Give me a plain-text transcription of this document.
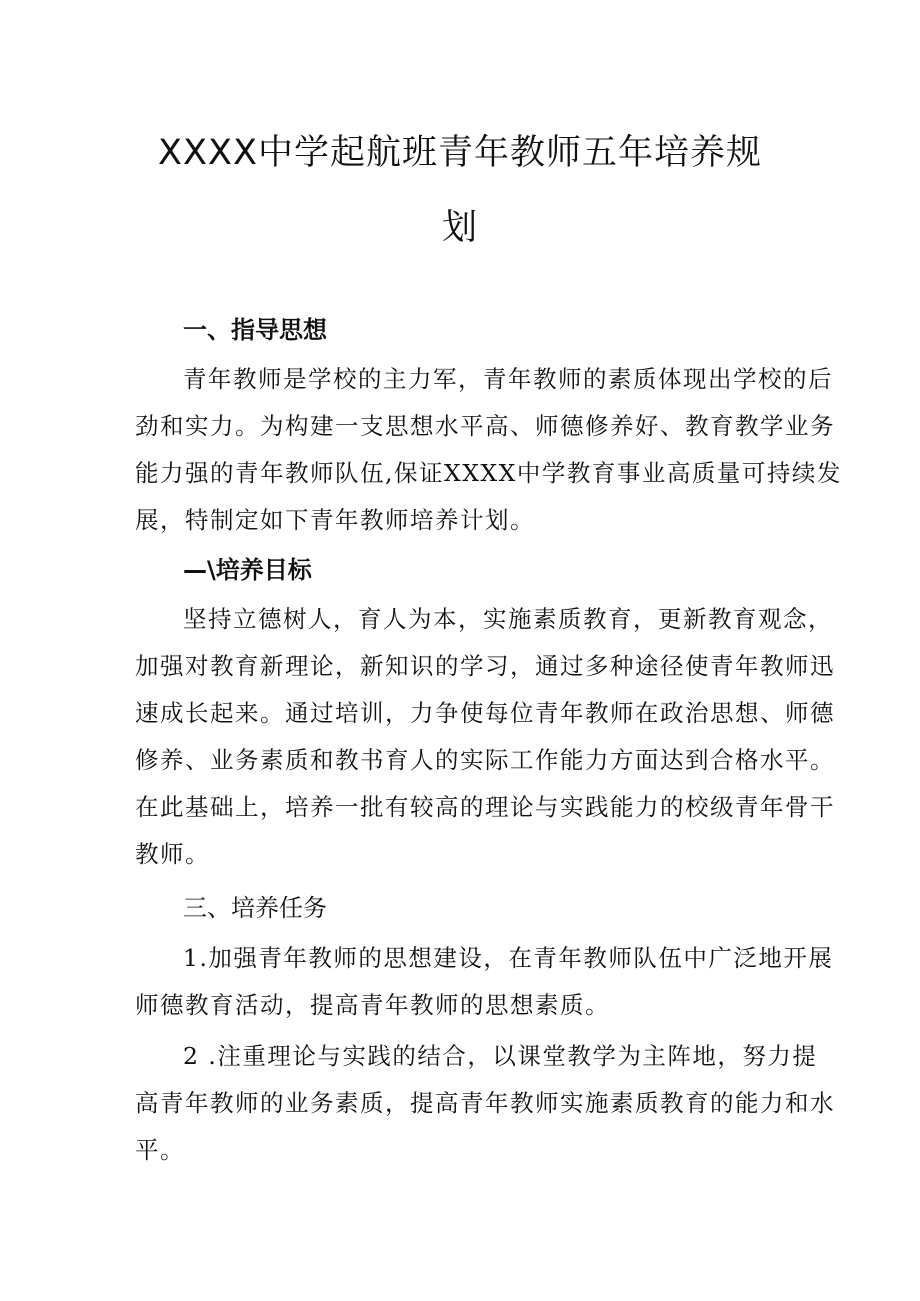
XXXX中学起航班青年教师五年培养规
划
一、指导思想
青年教师是学校的主力军，青年教师的素质体现出学校的后
劲和实力。为构建一支思想水平高、师德修养好、教育教学业务
能力强的青年教师队伍,保证XXXX中学教育事业高质量可持续发
展，特制定如下青年教师培养计划。
—\培养目标
坚持立德树人，育人为本，实施素质教育，更新教育观念，
加强对教育新理论，新知识的学习，通过多种途径使青年教师迅
速成长起来。通过培训，力争使每位青年教师在政治思想、师德
修养、业务素质和教书育人的实际工作能力方面达到合格水平。
在此基础上，培养一批有较高的理论与实践能力的校级青年骨干
教师。
三、培养任务
1.加强青年教师的思想建设，在青年教师队伍中广泛地开展
师德教育活动，提高青年教师的思想素质。
2 .注重理论与实践的结合，以课堂教学为主阵地，努力提
高青年教师的业务素质，提高青年教师实施素质教育的能力和水
平。
